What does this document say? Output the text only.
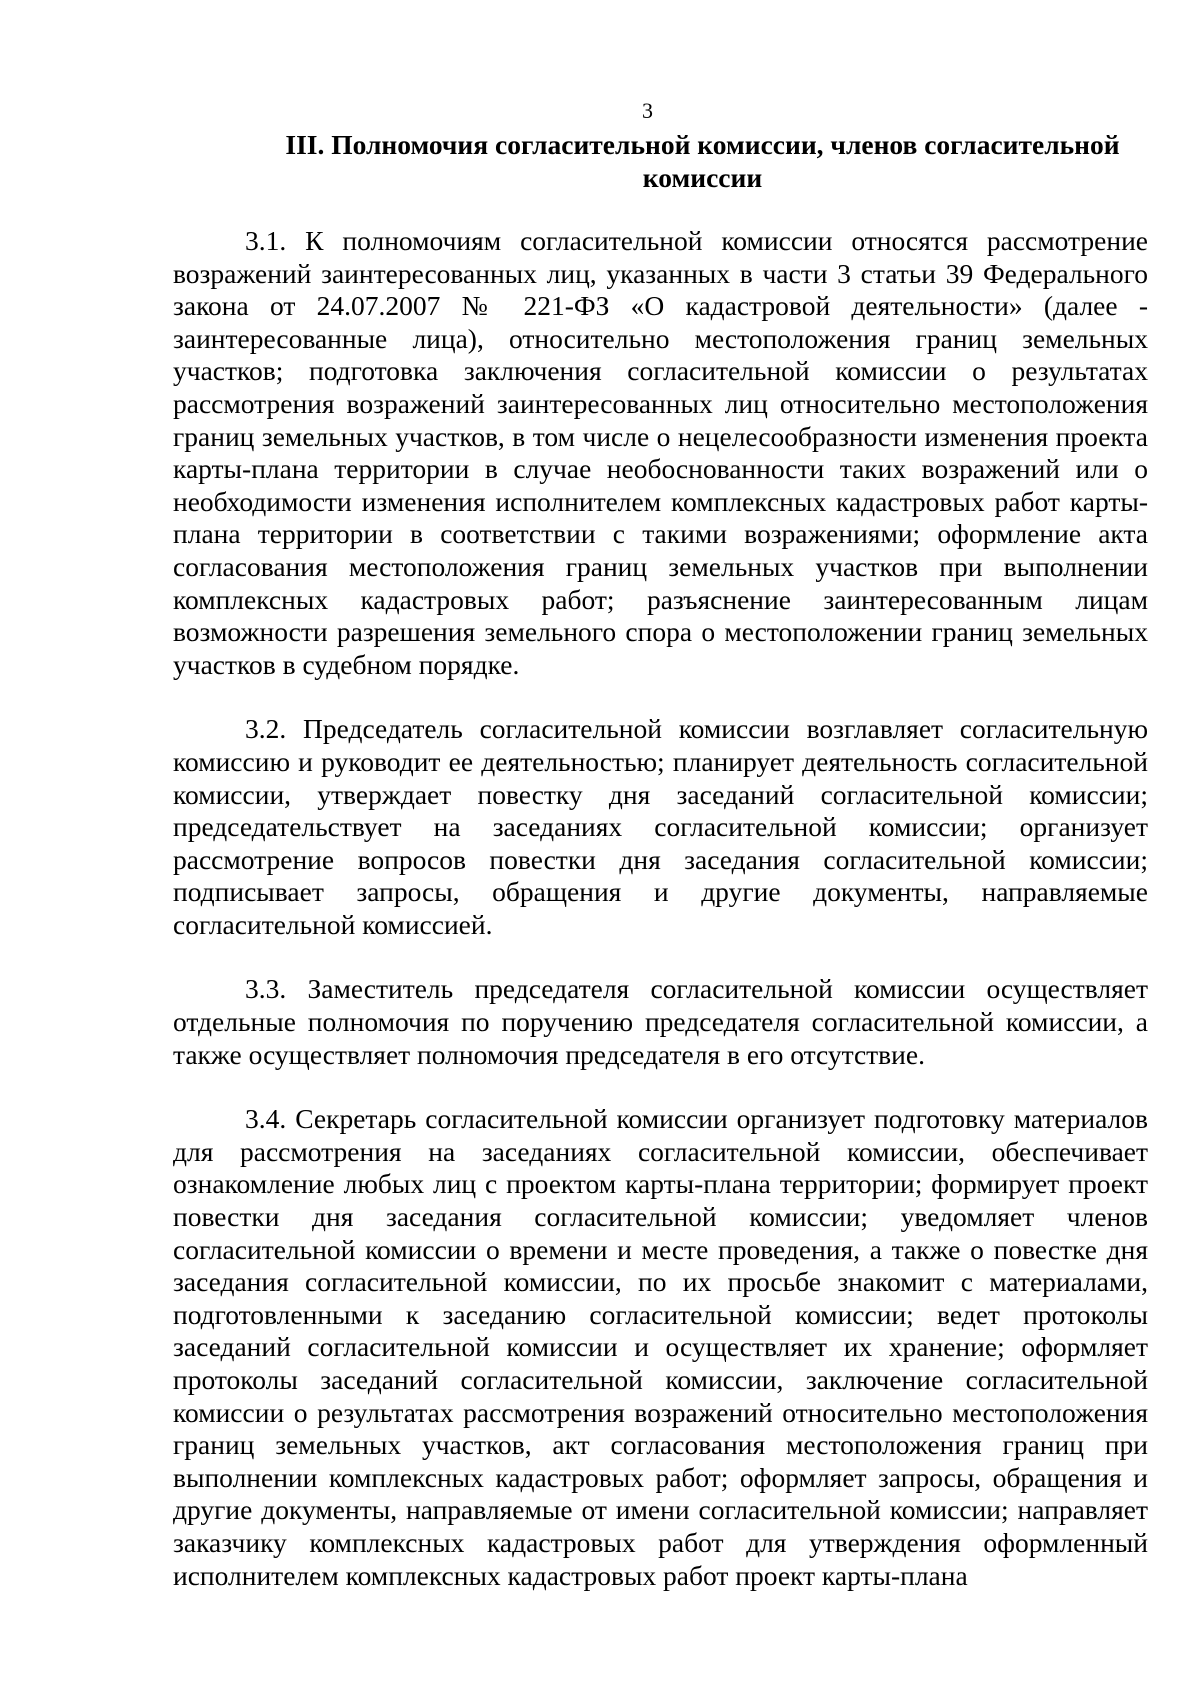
3
III. Полномочия согласительной комиссии, членов согласительной комиссии

3.1. К полномочиям согласительной комиссии относятся рассмотрение возражений заинтересованных лиц, указанных в части 3 статьи 39 Федерального закона от 24.07.2007 № 221-ФЗ «О кадастровой деятельности» (далее - заинтересованные лица), относительно местоположения границ земельных участков; подготовка заключения согласительной комиссии о результатах рассмотрения возражений заинтересованных лиц относительно местоположения границ земельных участков, в том числе о нецелесообразности изменения проекта карты-плана территории в случае необоснованности таких возражений или о необходимости изменения исполнителем комплексных кадастровых работ карты-плана территории в соответствии с такими возражениями; оформление акта согласования местоположения границ земельных участков при выполнении комплексных кадастровых работ; разъяснение заинтересованным лицам возможности разрешения земельного спора о местоположении границ земельных участков в судебном порядке.

3.2. Председатель согласительной комиссии возглавляет согласительную комиссию и руководит ее деятельностью; планирует деятельность согласительной комиссии, утверждает повестку дня заседаний согласительной комиссии; председательствует на заседаниях согласительной комиссии; организует рассмотрение вопросов повестки дня заседания согласительной комиссии; подписывает запросы, обращения и другие документы, направляемые согласительной комиссией.

3.3. Заместитель председателя согласительной комиссии осуществляет отдельные полномочия по поручению председателя согласительной комиссии, а также осуществляет полномочия председателя в его отсутствие.

3.4. Секретарь согласительной комиссии организует подготовку материалов для рассмотрения на заседаниях согласительной комиссии, обеспечивает ознакомление любых лиц с проектом карты-плана территории; формирует проект повестки дня заседания согласительной комиссии; уведомляет членов согласительной комиссии о времени и месте проведения, а также о повестке дня заседания согласительной комиссии, по их просьбе знакомит с материалами, подготовленными к заседанию согласительной комиссии; ведет протоколы заседаний согласительной комиссии и осуществляет их хранение; оформляет протоколы заседаний согласительной комиссии, заключение согласительной комиссии о результатах рассмотрения возражений относительно местоположения границ земельных участков, акт согласования местоположения границ при выполнении комплексных кадастровых работ; оформляет запросы, обращения и другие документы, направляемые от имени согласительной комиссии; направляет заказчику комплексных кадастровых работ для утверждения оформленный исполнителем комплексных кадастровых работ проект карты-плана
